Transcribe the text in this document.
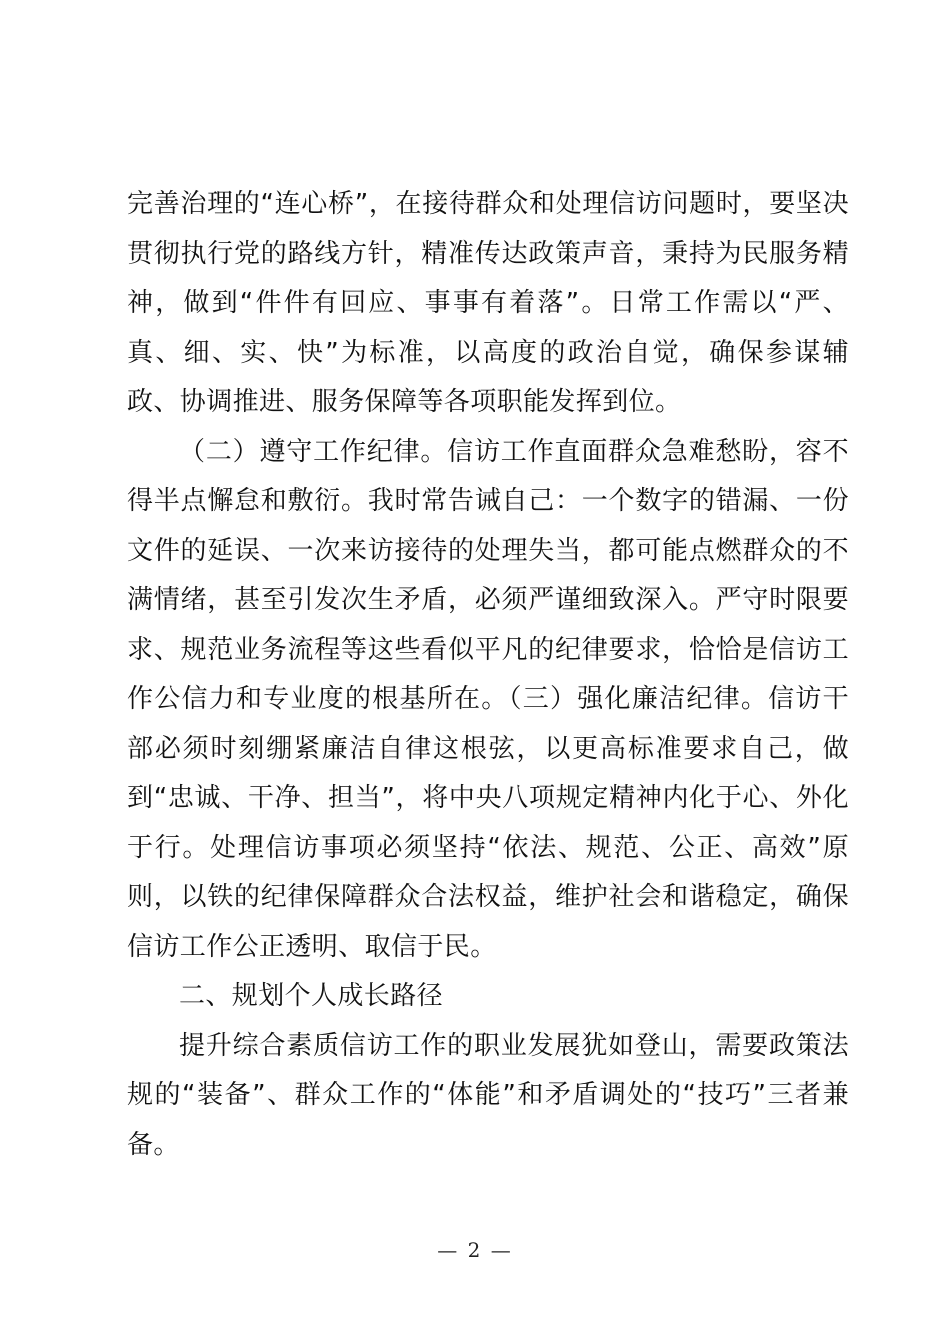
完善治理的“连心桥”，在接待群众和处理信访问题时，要坚决贯彻执行党的路线方针，精准传达政策声音，秉持为民服务精神，做到“件件有回应、事事有着落”。日常工作需以“严、真、细、实、快”为标准，以高度的政治自觉，确保参谋辅政、协调推进、服务保障等各项职能发挥到位。

（二）遵守工作纪律。信访工作直面群众急难愁盼，容不得半点懈怠和敷衍。我时常告诫自己：一个数字的错漏、一份文件的延误、一次来访接待的处理失当，都可能点燃群众的不满情绪，甚至引发次生矛盾，必须严谨细致深入。严守时限要求、规范业务流程等这些看似平凡的纪律要求，恰恰是信访工作公信力和专业度的根基所在。（三）强化廉洁纪律。信访干部必须时刻绷紧廉洁自律这根弦，以更高标准要求自己，做到“忠诚、干净、担当”，将中央八项规定精神内化于心、外化于行。处理信访事项必须坚持“依法、规范、公正、高效”原则，以铁的纪律保障群众合法权益，维护社会和谐稳定，确保信访工作公正透明、取信于民。

二、规划个人成长路径

提升综合素质信访工作的职业发展犹如登山，需要政策法规的“装备”、群众工作的“体能”和矛盾调处的“技巧”三者兼备。

— 2 —
